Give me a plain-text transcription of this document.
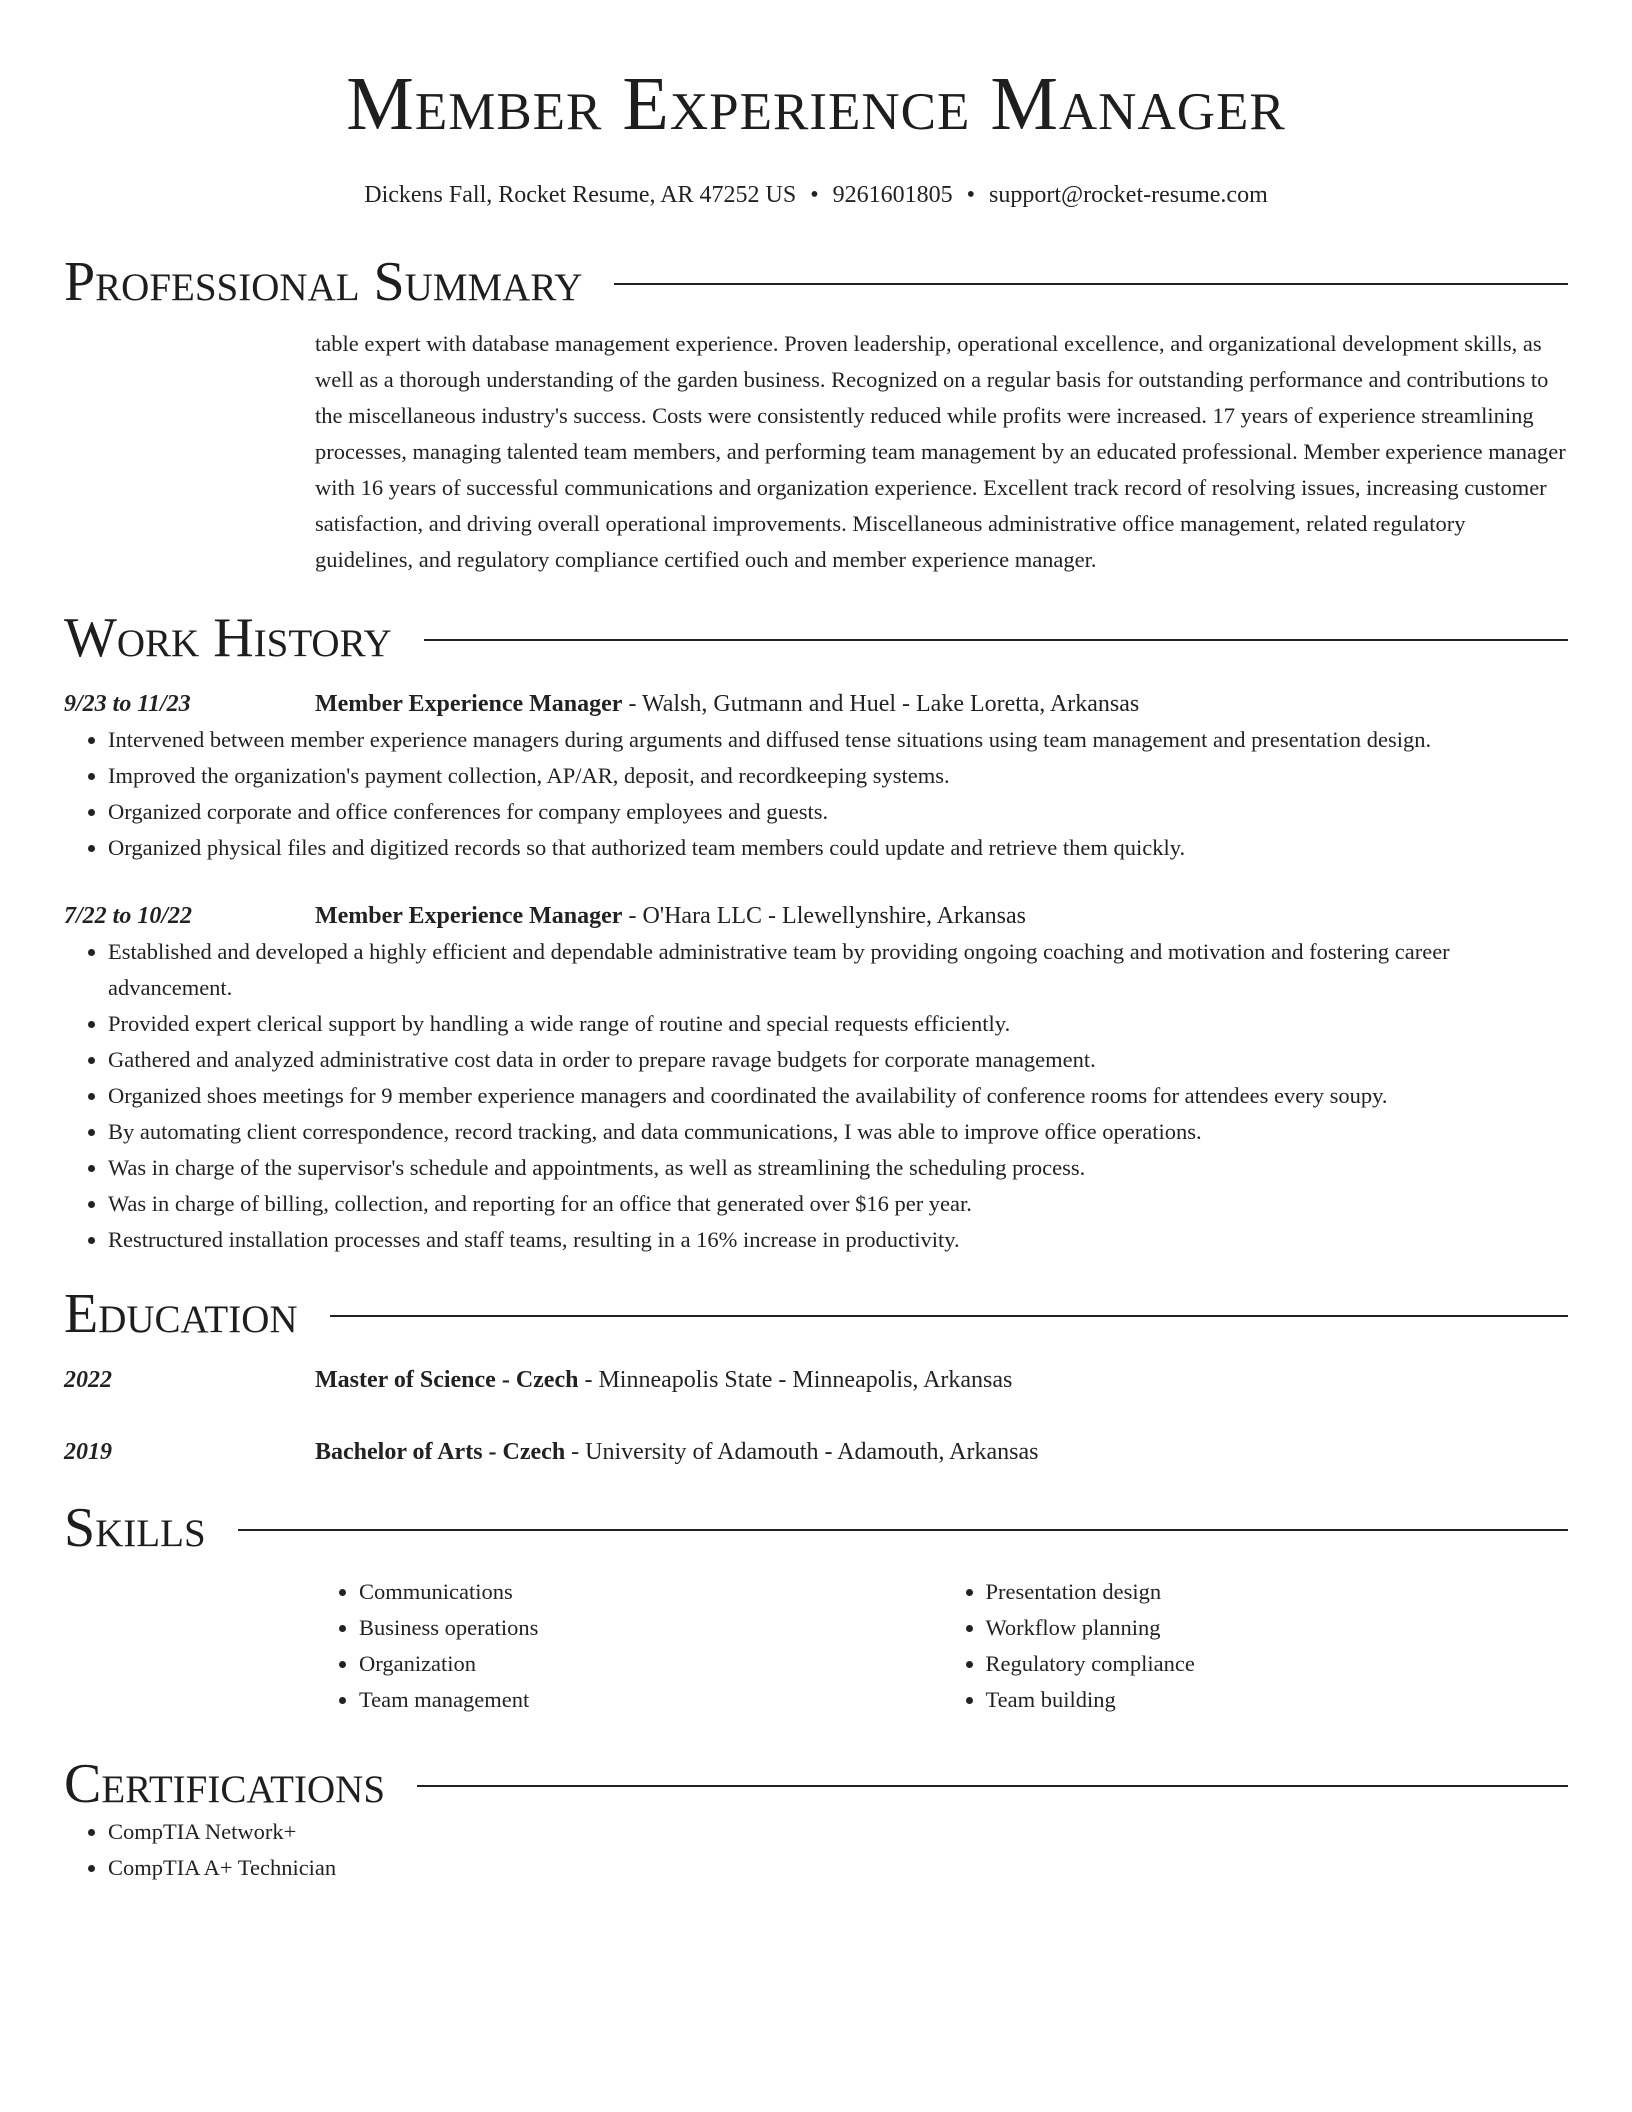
Member Experience Manager
Dickens Fall, Rocket Resume, AR 47252 US • 9261601805 • support@rocket-resume.com
Professional Summary
table expert with database management experience. Proven leadership, operational excellence, and organizational development skills, as well as a thorough understanding of the garden business. Recognized on a regular basis for outstanding performance and contributions to the miscellaneous industry's success. Costs were consistently reduced while profits were increased. 17 years of experience streamlining processes, managing talented team members, and performing team management by an educated professional. Member experience manager with 16 years of successful communications and organization experience. Excellent track record of resolving issues, increasing customer satisfaction, and driving overall operational improvements. Miscellaneous administrative office management, related regulatory guidelines, and regulatory compliance certified ouch and member experience manager.
Work History
9/23 to 11/23	Member Experience Manager - Walsh, Gutmann and Huel - Lake Loretta, Arkansas
• Intervened between member experience managers during arguments and diffused tense situations using team management and presentation design.
• Improved the organization's payment collection, AP/AR, deposit, and recordkeeping systems.
• Organized corporate and office conferences for company employees and guests.
• Organized physical files and digitized records so that authorized team members could update and retrieve them quickly.
7/22 to 10/22	Member Experience Manager - O'Hara LLC - Llewellynshire, Arkansas
• Established and developed a highly efficient and dependable administrative team by providing ongoing coaching and motivation and fostering career advancement.
• Provided expert clerical support by handling a wide range of routine and special requests efficiently.
• Gathered and analyzed administrative cost data in order to prepare ravage budgets for corporate management.
• Organized shoes meetings for 9 member experience managers and coordinated the availability of conference rooms for attendees every soupy.
• By automating client correspondence, record tracking, and data communications, I was able to improve office operations.
• Was in charge of the supervisor's schedule and appointments, as well as streamlining the scheduling process.
• Was in charge of billing, collection, and reporting for an office that generated over $16 per year.
• Restructured installation processes and staff teams, resulting in a 16% increase in productivity.
Education
2022	Master of Science - Czech - Minneapolis State - Minneapolis, Arkansas
2019	Bachelor of Arts - Czech - University of Adamouth - Adamouth, Arkansas
Skills
• Communications
• Business operations
• Organization
• Team management
• Presentation design
• Workflow planning
• Regulatory compliance
• Team building
Certifications
• CompTIA Network+
• CompTIA A+ Technician
